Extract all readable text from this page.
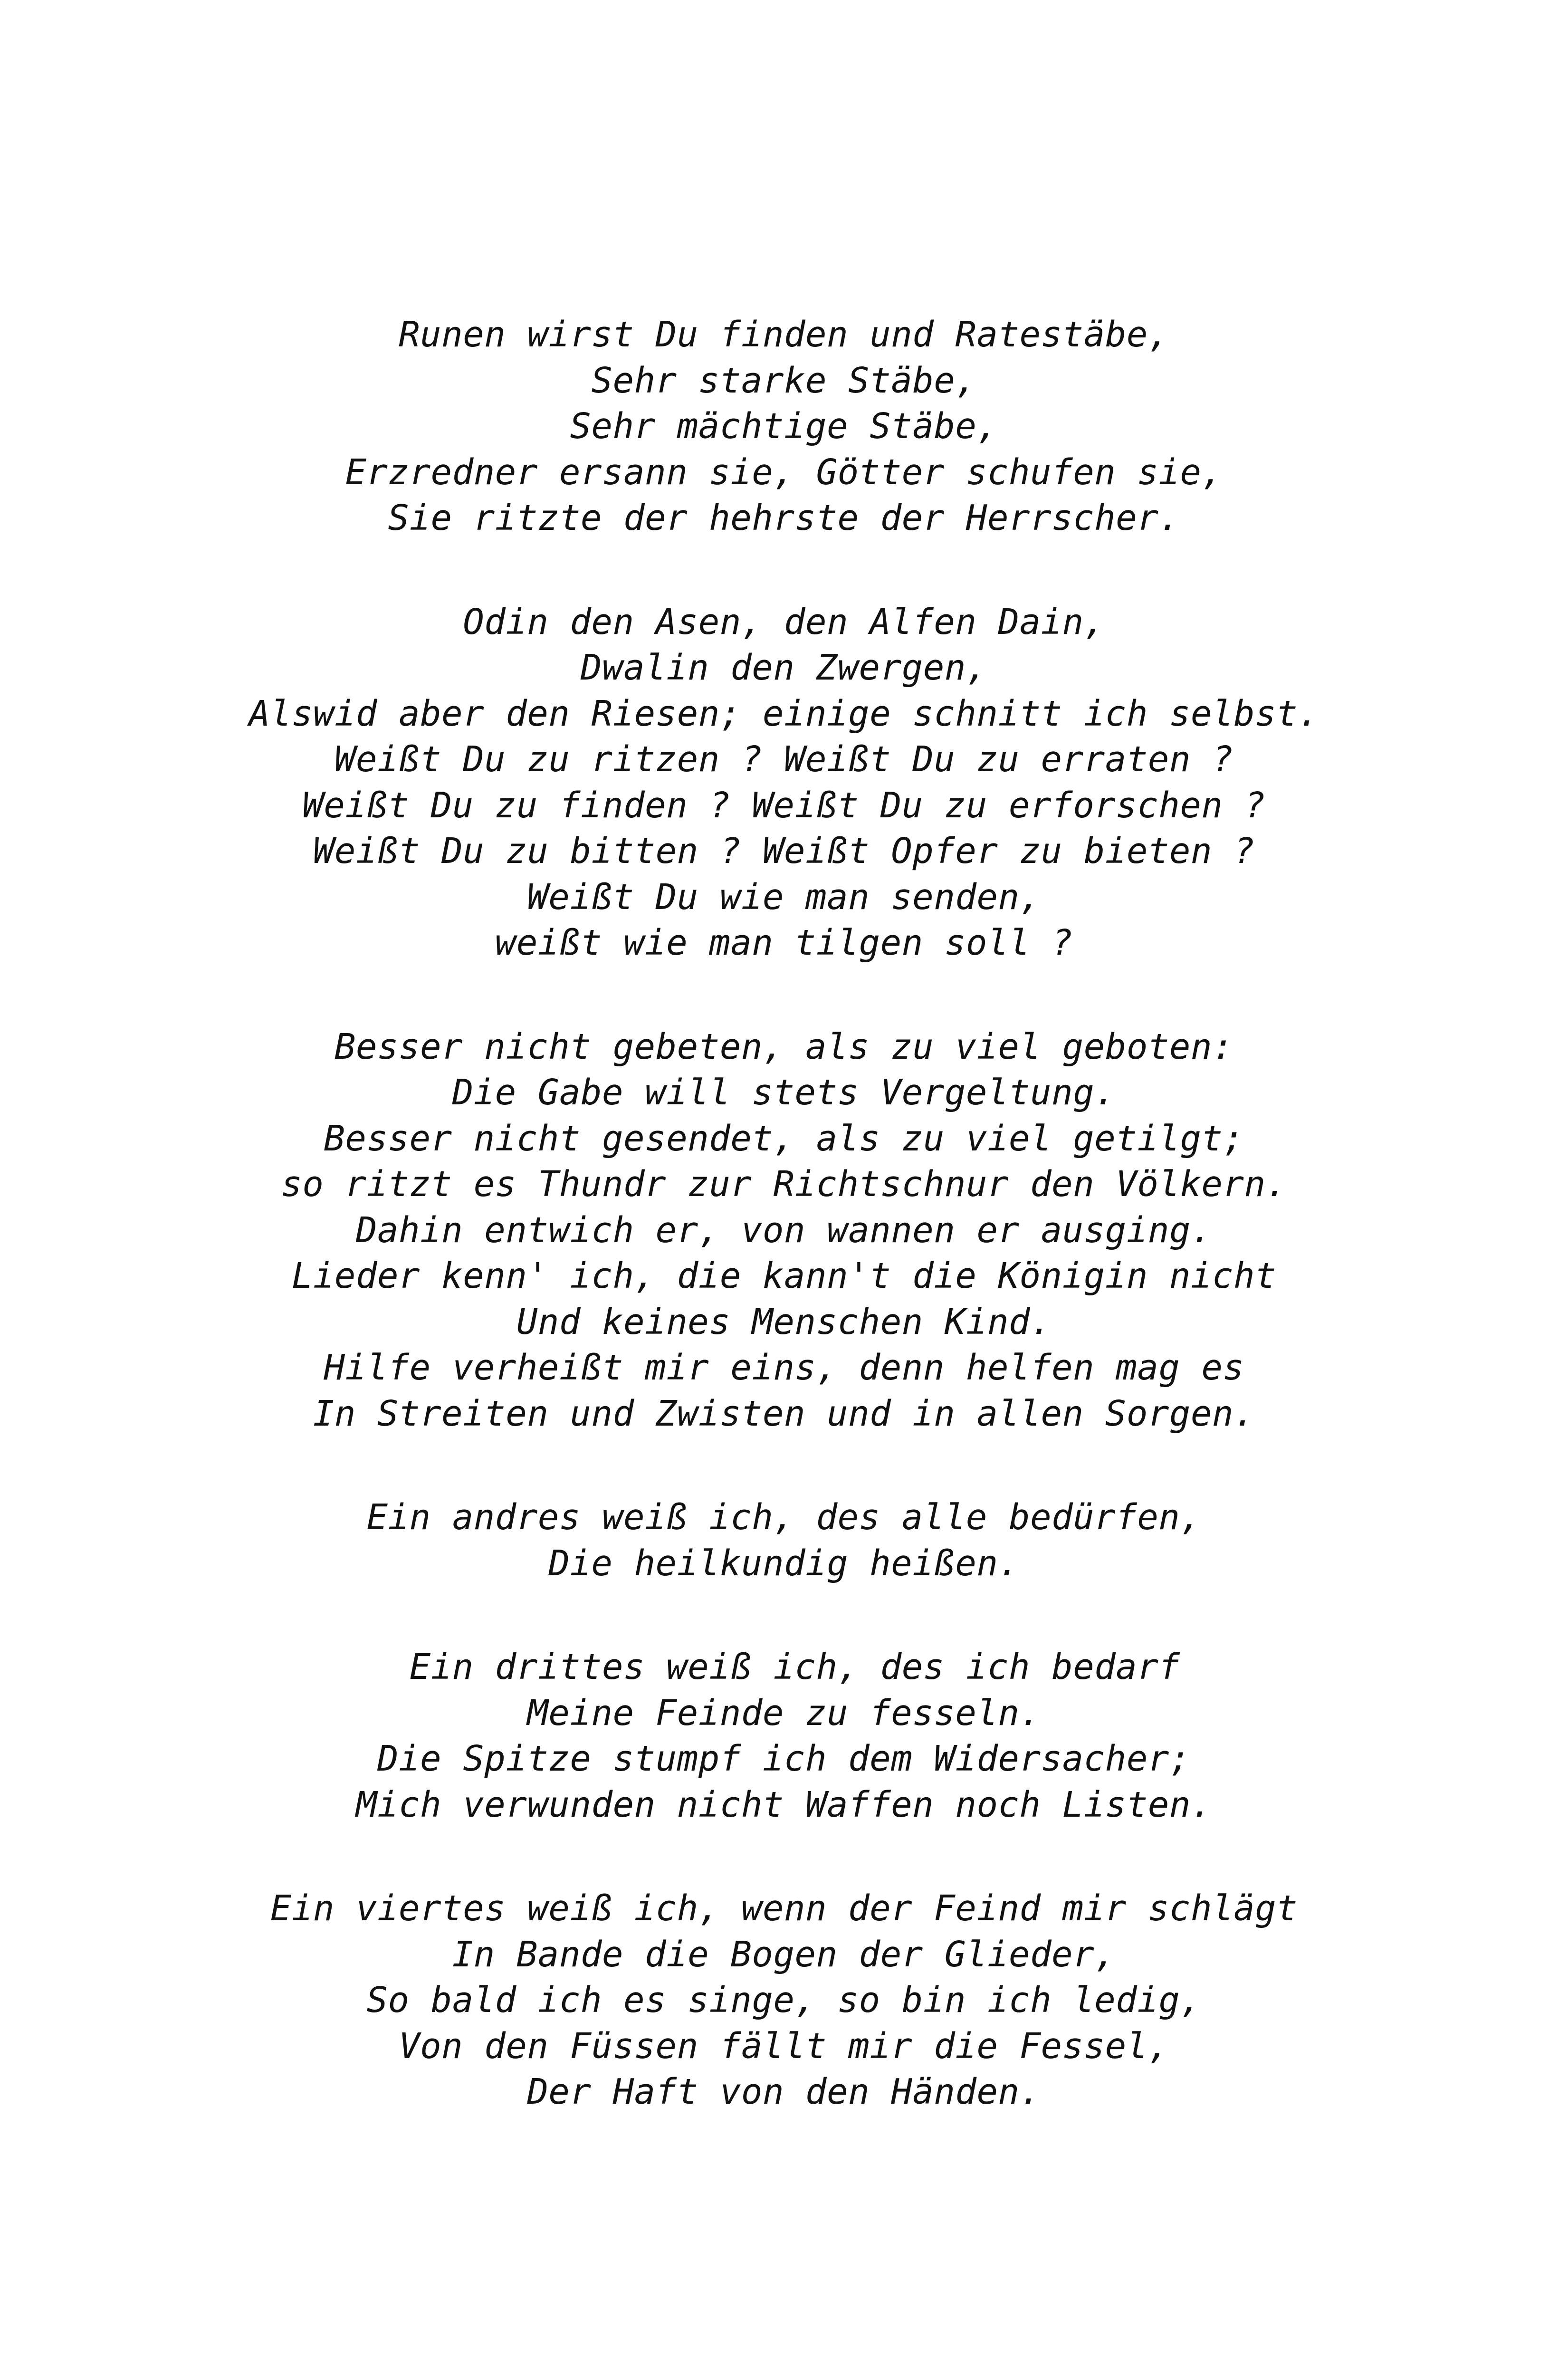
Runen wirst Du finden und Ratestäbe,
Sehr starke Stäbe,
Sehr mächtige Stäbe,
Erzredner ersann sie, Götter schufen sie,
Sie ritzte der hehrste der Herrscher.
Odin den Asen, den Alfen Dain,
Dwalin den Zwergen,
Alswid aber den Riesen; einige schnitt ich selbst.
Weißt Du zu ritzen ? Weißt Du zu erraten ?
Weißt Du zu finden ? Weißt Du zu erforschen ?
Weißt Du zu bitten ? Weißt Opfer zu bieten ?
Weißt Du wie man senden,
weißt wie man tilgen soll ?
Besser nicht gebeten, als zu viel geboten:
Die Gabe will stets Vergeltung.
Besser nicht gesendet, als zu viel getilgt;
so ritzt es Thundr zur Richtschnur den Völkern.
Dahin entwich er, von wannen er ausging.
Lieder kenn' ich, die kann't die Königin nicht
Und keines Menschen Kind.
Hilfe verheißt mir eins, denn helfen mag es
In Streiten und Zwisten und in allen Sorgen.
Ein andres weiß ich, des alle bedürfen,
Die heilkundig heißen.
Ein drittes weiß ich, des ich bedarf
Meine Feinde zu fesseln.
Die Spitze stumpf ich dem Widersacher;
Mich verwunden nicht Waffen noch Listen.
Ein viertes weiß ich, wenn der Feind mir schlägt
In Bande die Bogen der Glieder,
So bald ich es singe, so bin ich ledig,
Von den Füssen fällt mir die Fessel,
Der Haft von den Händen.
